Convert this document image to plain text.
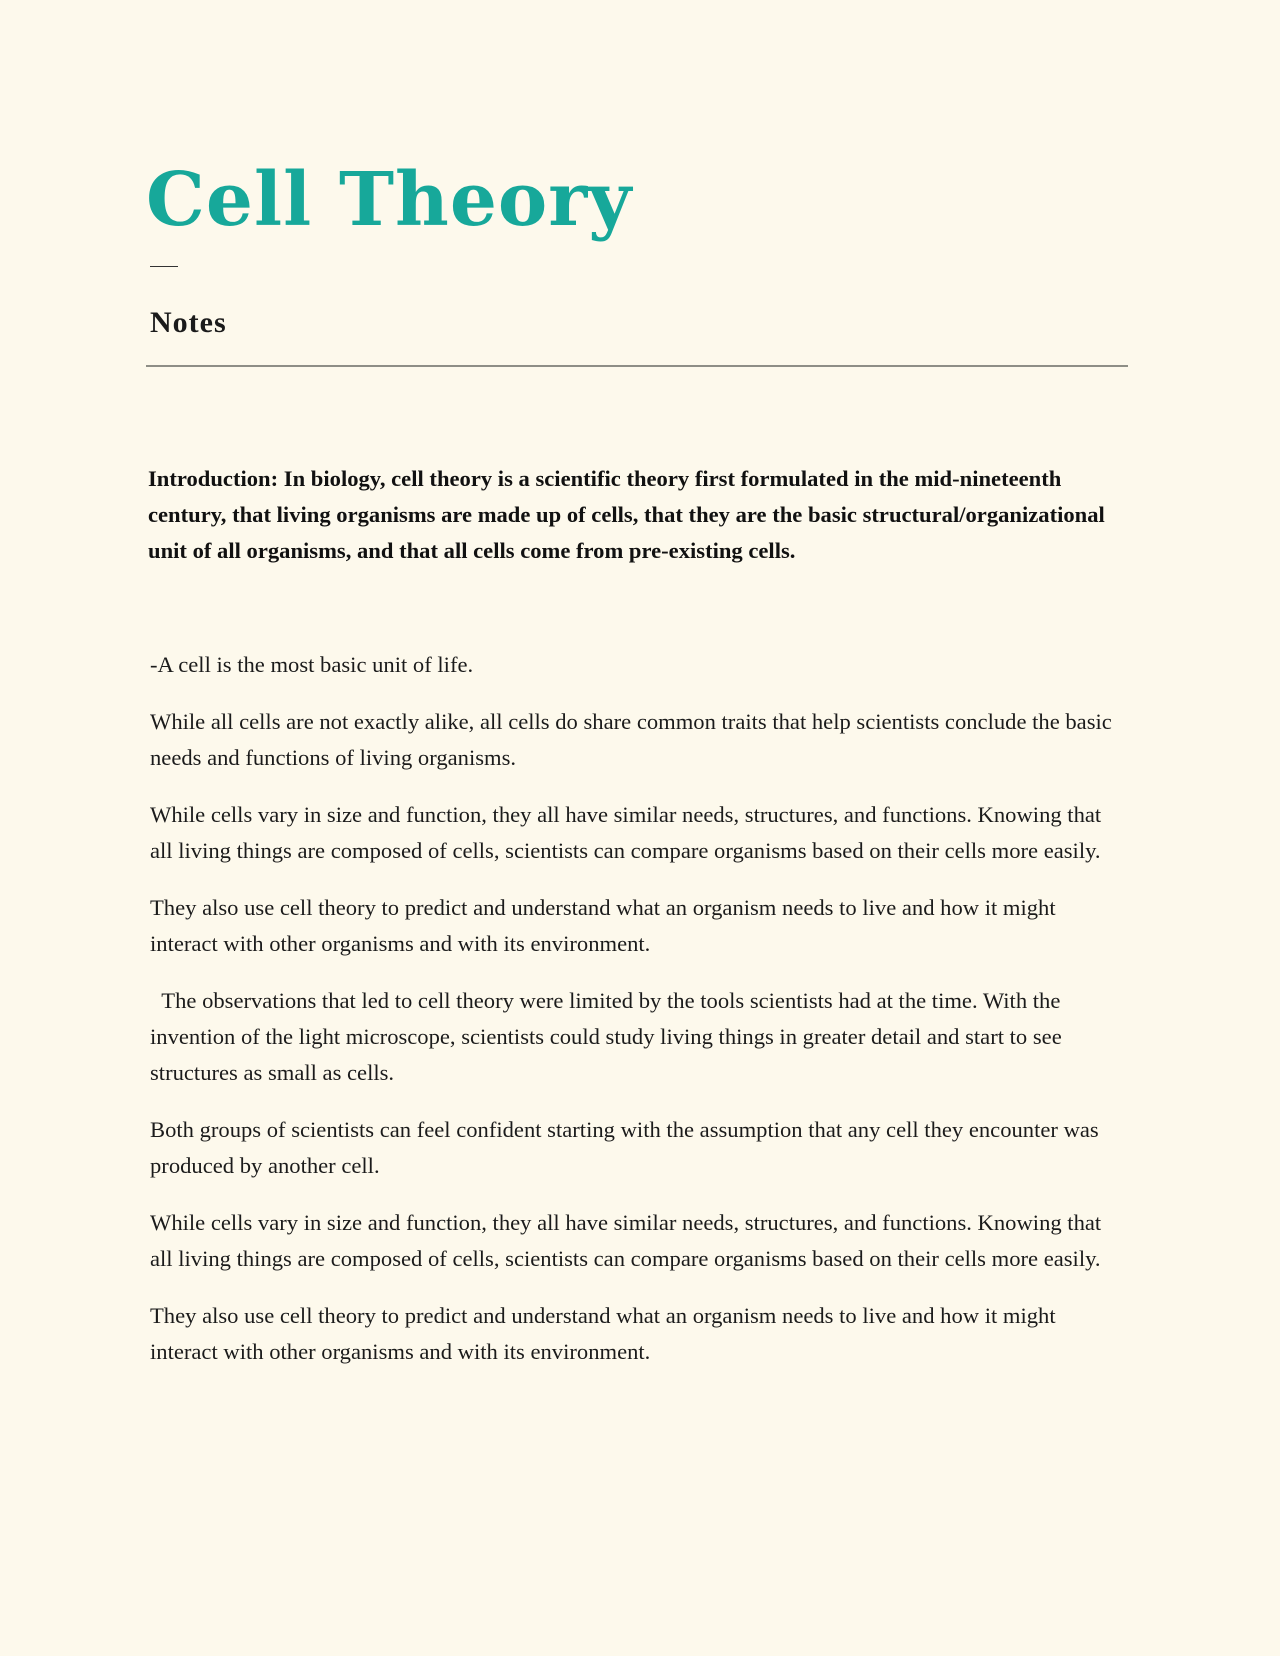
Cell Theory
Notes

Introduction: In biology, cell theory is a scientific theory first formulated in the mid-nineteenth century, that living organisms are made up of cells, that they are the basic structural/organizational unit of all organisms, and that all cells come from pre-existing cells.

-A cell is the most basic unit of life.

While all cells are not exactly alike, all cells do share common traits that help scientists conclude the basic needs and functions of living organisms.

While cells vary in size and function, they all have similar needs, structures, and functions. Knowing that all living things are composed of cells, scientists can compare organisms based on their cells more easily.

They also use cell theory to predict and understand what an organism needs to live and how it might interact with other organisms and with its environment.

The observations that led to cell theory were limited by the tools scientists had at the time. With the invention of the light microscope, scientists could study living things in greater detail and start to see structures as small as cells.

Both groups of scientists can feel confident starting with the assumption that any cell they encounter was produced by another cell.

While cells vary in size and function, they all have similar needs, structures, and functions. Knowing that all living things are composed of cells, scientists can compare organisms based on their cells more easily.

They also use cell theory to predict and understand what an organism needs to live and how it might interact with other organisms and with its environment.
